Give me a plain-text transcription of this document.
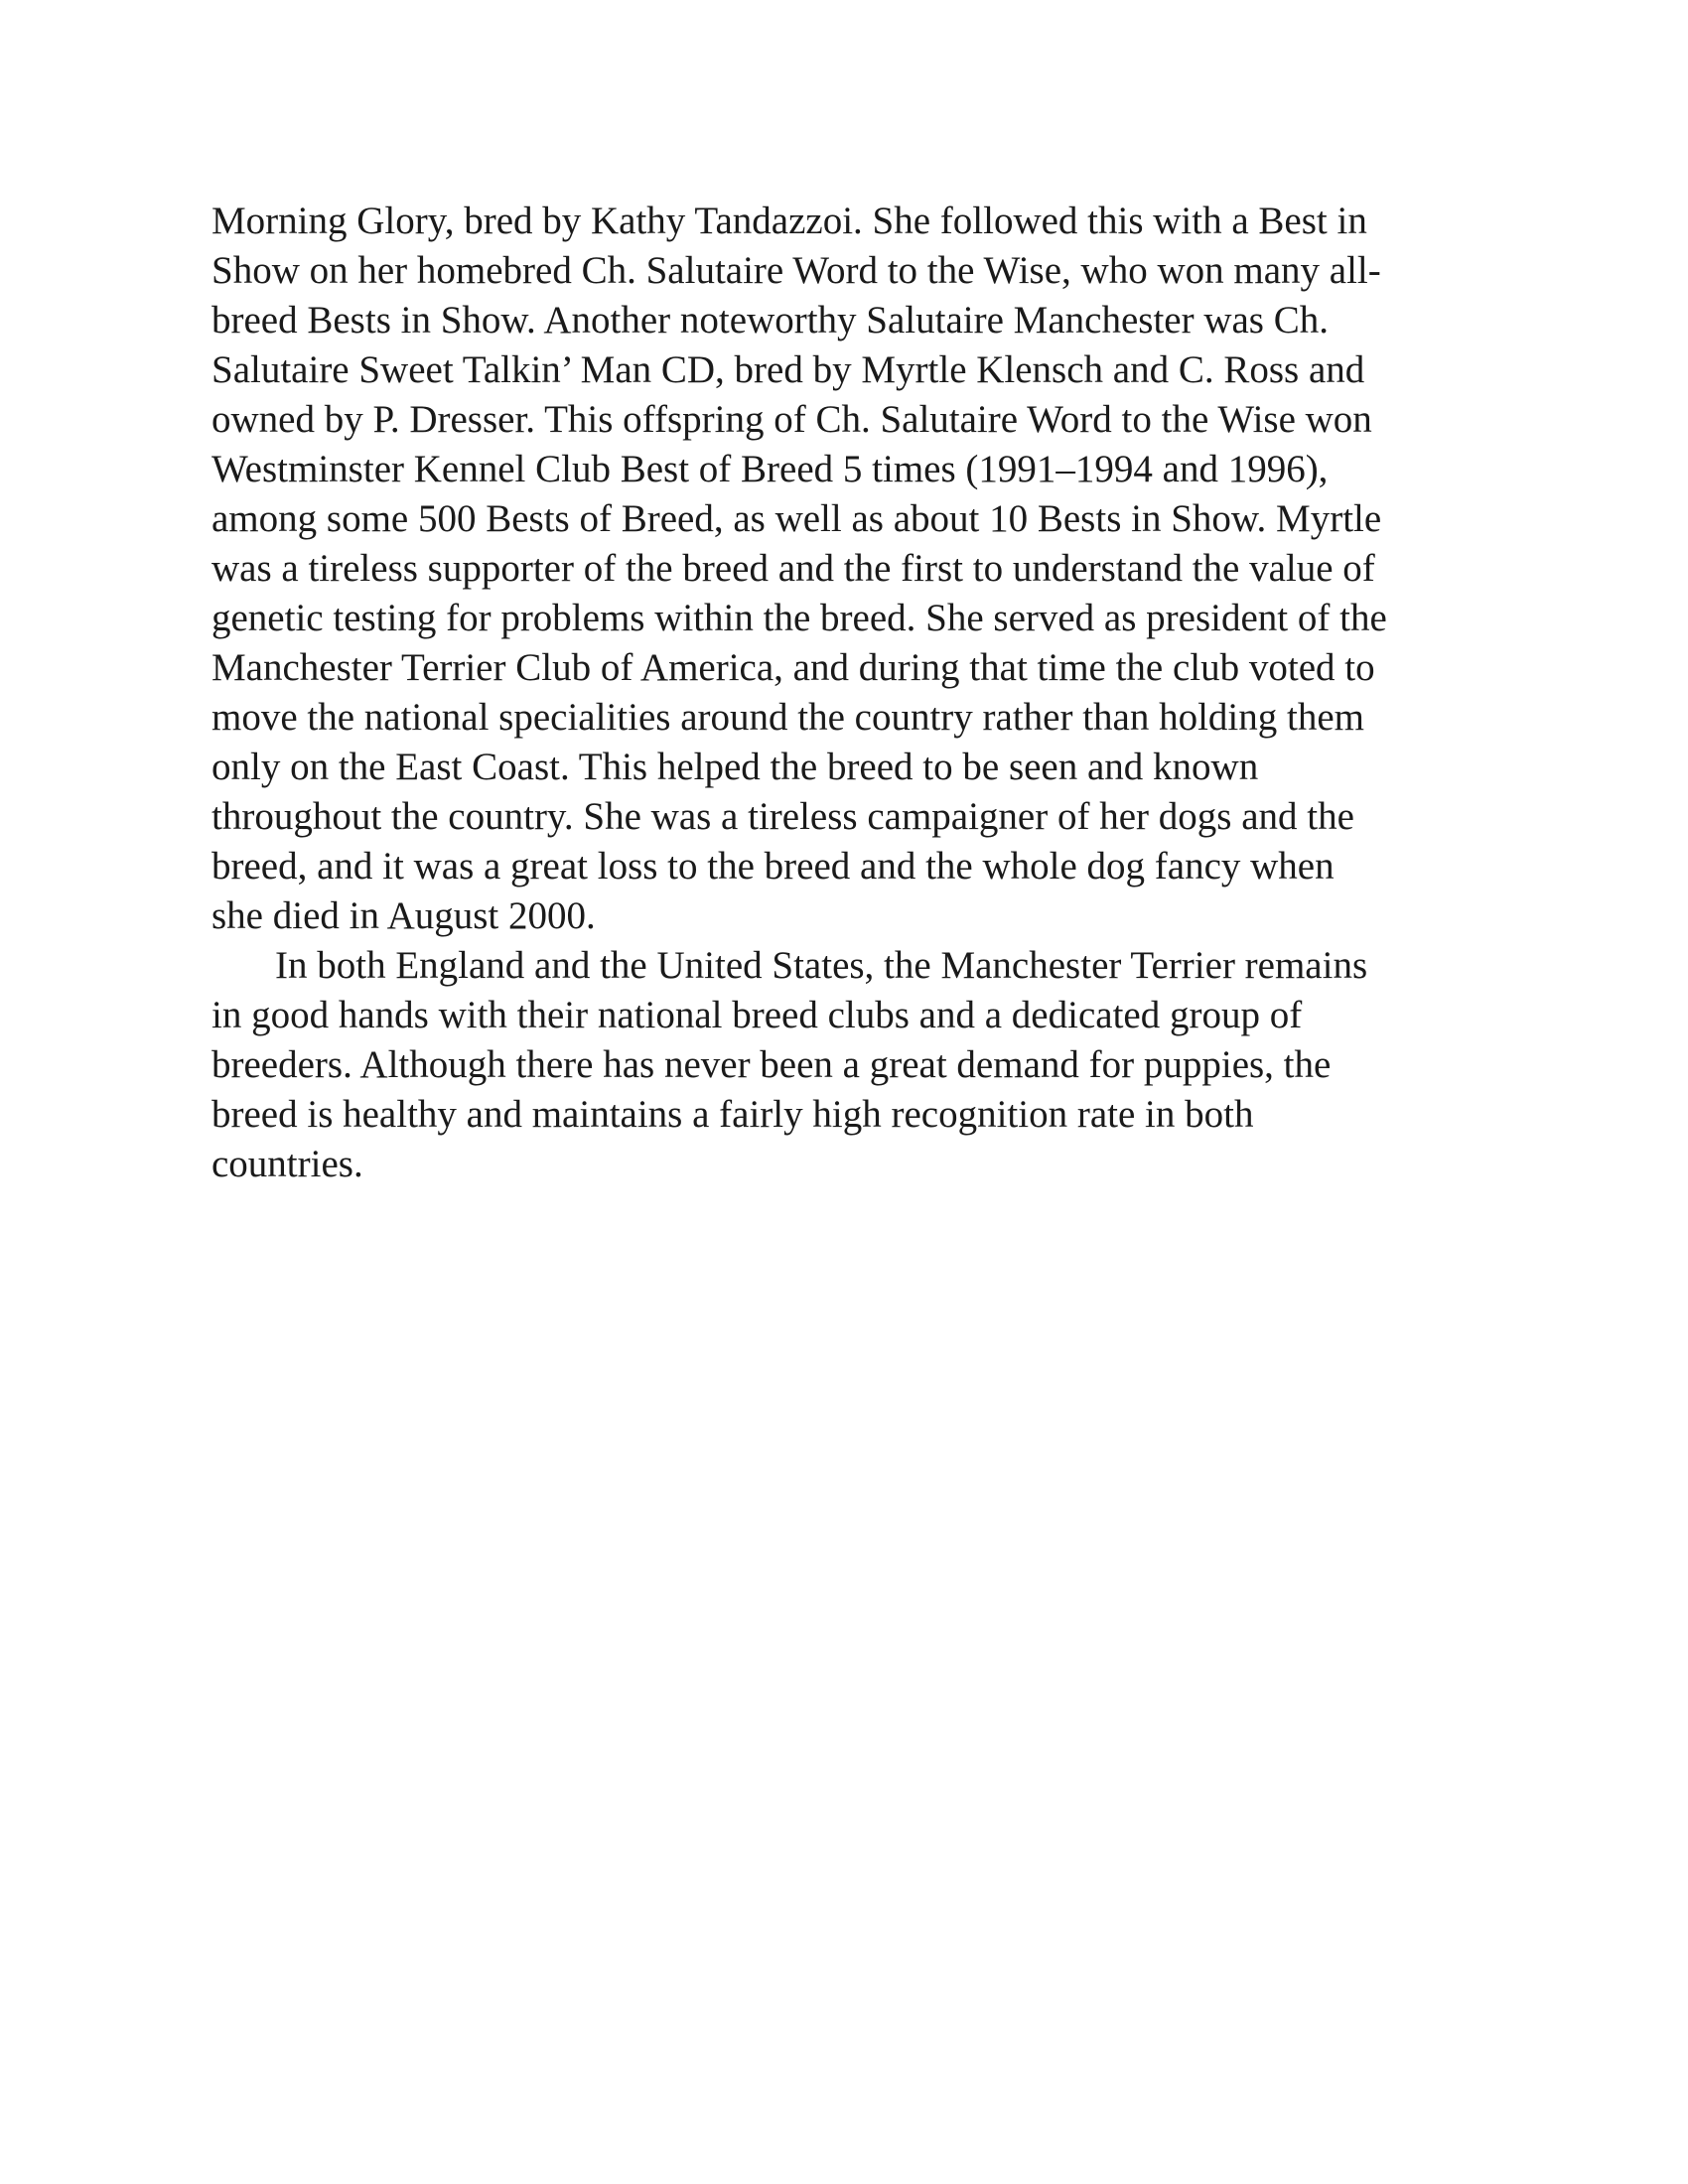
Morning Glory, bred by Kathy Tandazzoi. She followed this with a Best in
Show on her homebred Ch. Salutaire Word to the Wise, who won many all-
breed Bests in Show. Another noteworthy Salutaire Manchester was Ch.
Salutaire Sweet Talkin’ Man CD, bred by Myrtle Klensch and C. Ross and
owned by P. Dresser. This offspring of Ch. Salutaire Word to the Wise won
Westminster Kennel Club Best of Breed 5 times (1991–1994 and 1996),
among some 500 Bests of Breed, as well as about 10 Bests in Show. Myrtle
was a tireless supporter of the breed and the first to understand the value of
genetic testing for problems within the breed. She served as president of the
Manchester Terrier Club of America, and during that time the club voted to
move the national specialities around the country rather than holding them
only on the East Coast. This helped the breed to be seen and known
throughout the country. She was a tireless campaigner of her dogs and the
breed, and it was a great loss to the breed and the whole dog fancy when
she died in August 2000.
In both England and the United States, the Manchester Terrier remains
in good hands with their national breed clubs and a dedicated group of
breeders. Although there has never been a great demand for puppies, the
breed is healthy and maintains a fairly high recognition rate in both
countries.
